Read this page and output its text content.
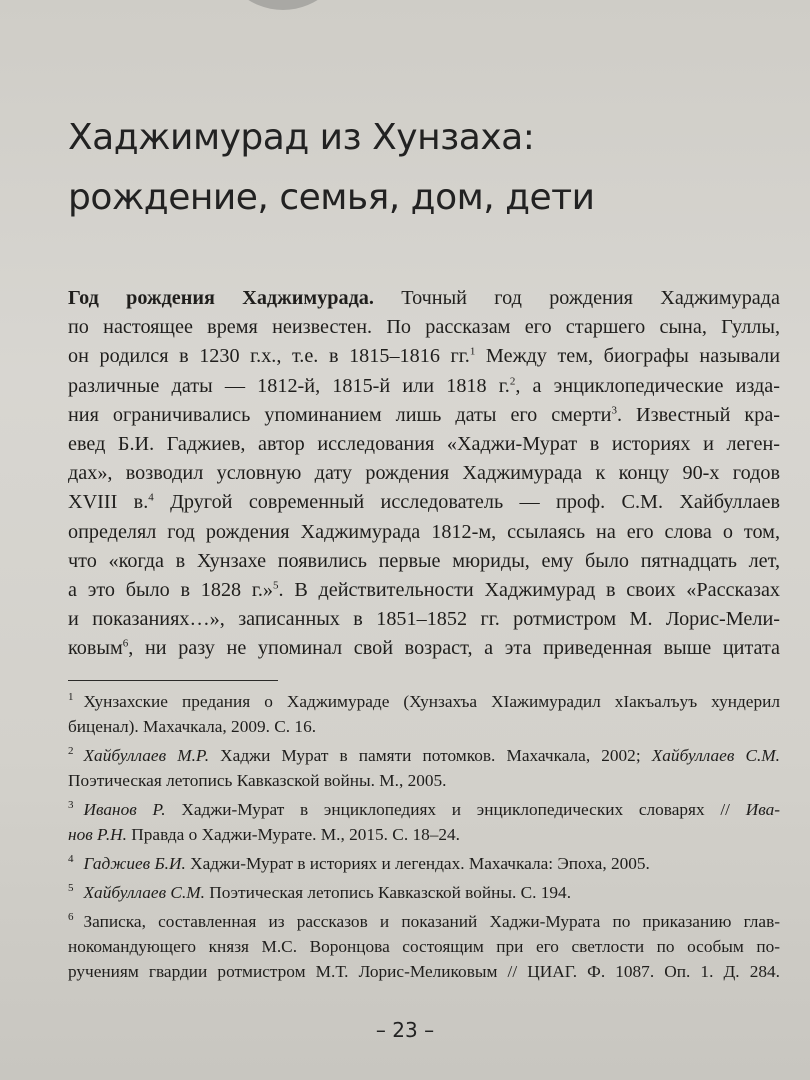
Хаджимурад из Хунзаха:
рождение, семья, дом, дети
Год рождения Хаджимурада. Точный год рождения Хаджимурада
по настоящее время неизвестен. По рассказам его старшего сына, Гуллы,
он родился в 1230 г.х., т.е. в 1815–1816 гг.$^1$ Между тем, биографы называли
различные даты — 1812-й, 1815-й или 1818 г.$^2$, а энциклопедические изда-
ния ограничивались упоминанием лишь даты его смерти$^3$. Известный кра-
евед Б.И. Гаджиев, автор исследования «Хаджи-Мурат в историях и леген-
дах», возводил условную дату рождения Хаджимурада к концу 90-х годов
XVIII в.$^4$ Другой современный исследователь — проф. С.М. Хайбуллаев
определял год рождения Хаджимурада 1812-м, ссылаясь на его слова о том,
что «когда в Хунзахе появились первые мюриды, ему было пятнадцать лет,
а это было в 1828 г.»$^5$. В действительности Хаджимурад в своих «Рассказах
и показаниях…», записанных в 1851–1852 гг. ротмистром М. Лорис-Мели-
ковым$^6$, ни разу не упоминал свой возраст, а эта приведенная выше цитата
$^1$ Хунзахские предания о Хаджимураде (Хунзахъа XIажимурадил хIакъалъуъ хундерил
биценал). Махачкала, 2009. С. 16.
$^2$ Хайбуллаев М.Р. Хаджи Мурат в памяти потомков. Махачкала, 2002; Хайбуллаев С.М.
Поэтическая летопись Кавказской войны. М., 2005.
$^3$ Иванов Р. Хаджи-Мурат в энциклопедиях и энциклопедических словарях // Ива-
нов Р.Н. Правда о Хаджи-Мурате. М., 2015. С. 18–24.
$^4$ Гаджиев Б.И. Хаджи-Мурат в историях и легендах. Махачкала: Эпоха, 2005.
$^5$ Хайбуллаев С.М. Поэтическая летопись Кавказской войны. С. 194.
$^6$ Записка, составленная из рассказов и показаний Хаджи-Мурата по приказанию глав-
нокомандующего князя М.С. Воронцова состоящим при его светлости по особым по-
ручениям гвардии ротмистром М.Т. Лорис-Меликовым // ЦИАГ. Ф. 1087. Оп. 1. Д. 284.
– 23 –
